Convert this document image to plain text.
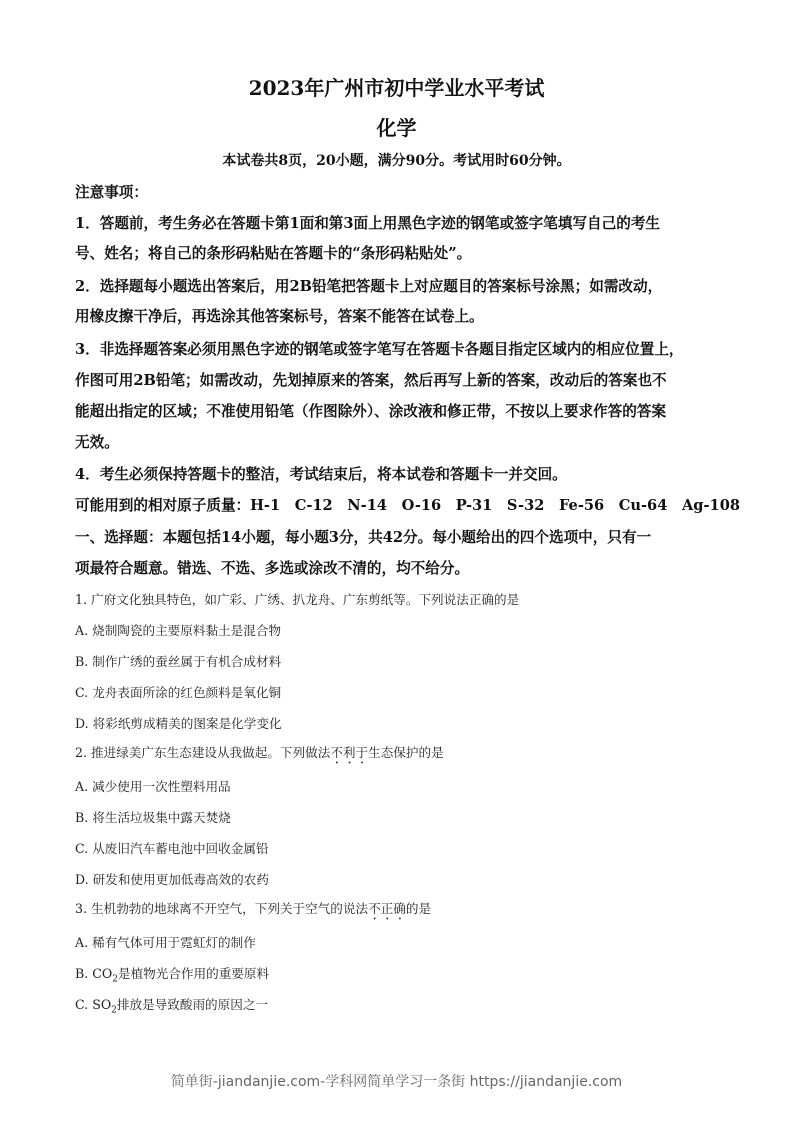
2023年广州市初中学业水平考试
化学
本试卷共8页，20小题，满分90分。考试用时60分钟。
注意事项：
1．答题前，考生务必在答题卡第1面和第3面上用黑色字迹的钢笔或签字笔填写自己的考生
号、姓名；将自己的条形码粘贴在答题卡的“条形码粘贴处”。
2．选择题每小题选出答案后，用2B铅笔把答题卡上对应题目的答案标号涂黑；如需改动，
用橡皮擦干净后，再选涂其他答案标号，答案不能答在试卷上。
3．非选择题答案必须用黑色字迹的钢笔或签字笔写在答题卡各题目指定区域内的相应位置上，
作图可用2B铅笔；如需改动，先划掉原来的答案，然后再写上新的答案，改动后的答案也不
能超出指定的区域；不准使用铅笔（作图除外）、涂改液和修正带，不按以上要求作答的答案
无效。
4．考生必须保持答题卡的整洁，考试结束后，将本试卷和答题卡一并交回。
可能用到的相对原子质量：H-1　C-12　N-14　O-16　P-31　S-32　Fe-56　Cu-64　Ag-108
一、选择题：本题包括14小题，每小题3分，共42分。每小题给出的四个选项中，只有一
项最符合题意。错选、不选、多选或涂改不清的，均不给分。
1. 广府文化独具特色，如广彩、广绣、扒龙舟、广东剪纸等。下列说法正确的是
A. 烧制陶瓷的主要原料黏土是混合物
B. 制作广绣的蚕丝属于有机合成材料
C. 龙舟表面所涂的红色颜料是氧化铜
D. 将彩纸剪成精美的图案是化学变化
2. 推进绿美广东生态建设从我做起。下列做法不利于生态保护的是
A. 减少使用一次性塑料用品
B. 将生活垃圾集中露天焚烧
C. 从废旧汽车蓄电池中回收金属铅
D. 研发和使用更加低毒高效的农药
3. 生机勃勃的地球离不开空气，下列关于空气的说法不正确的是
A. 稀有气体可用于霓虹灯的制作
B. $CO_2$是植物光合作用的重要原料
C. $SO_2$排放是导致酸雨的原因之一
简单街-jiandanjie.com-学科网简单学习一条街 https://jiandanjie.com
